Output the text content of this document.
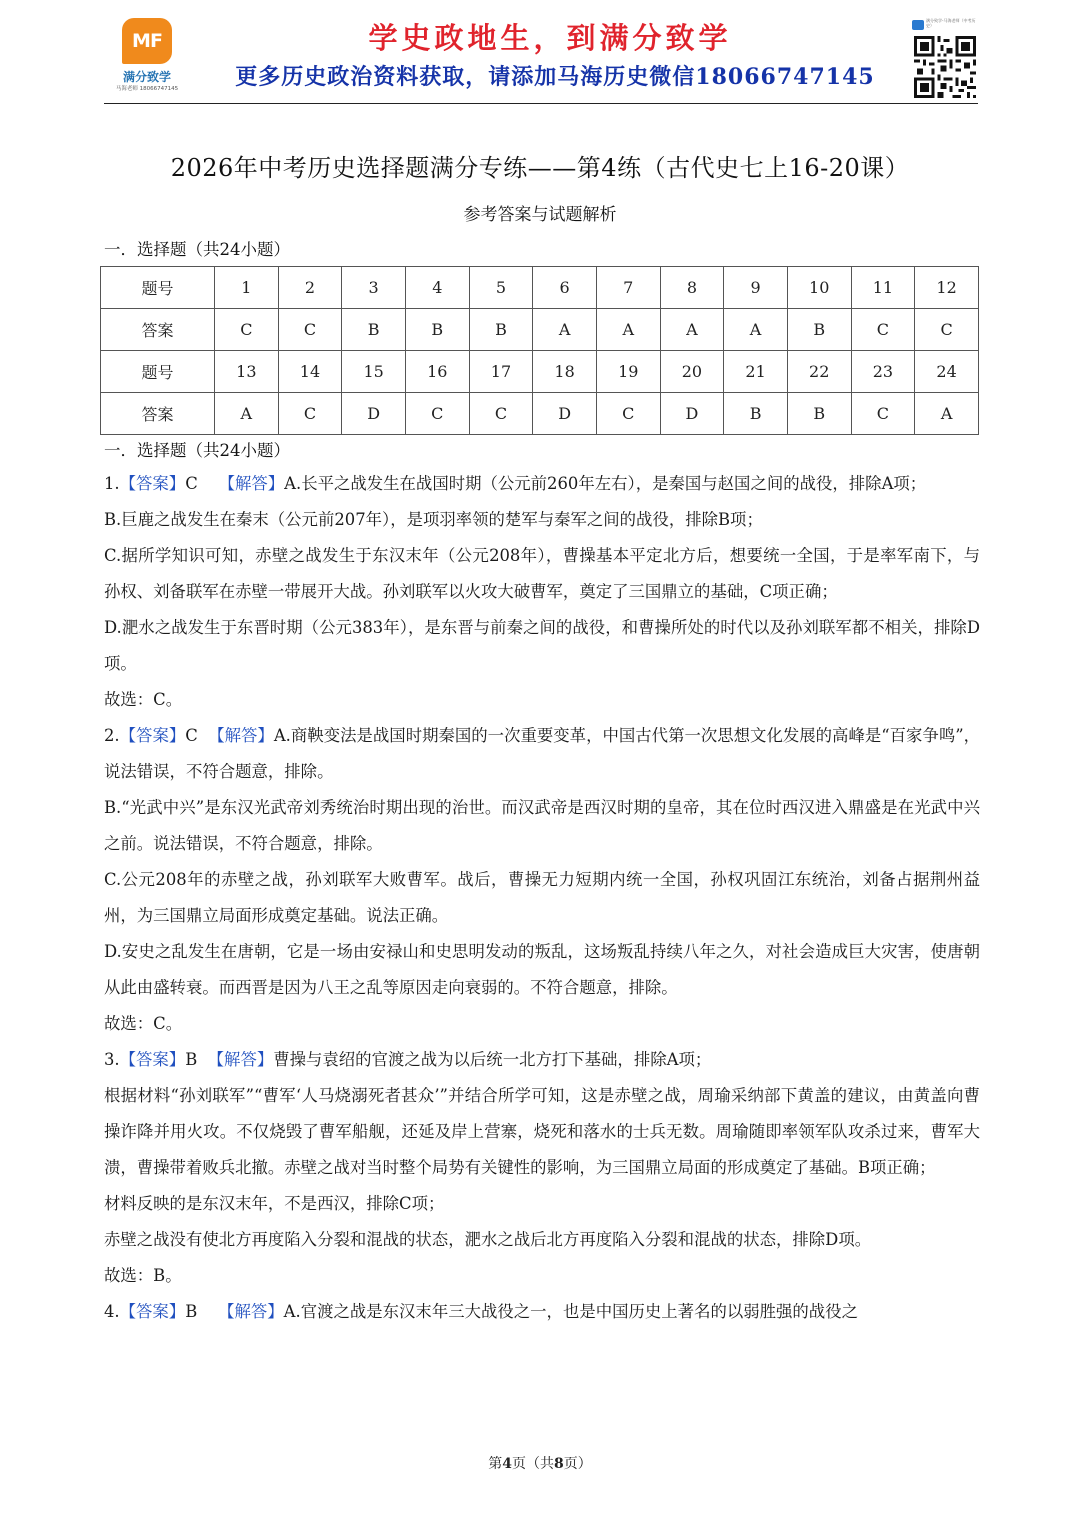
MF
满分致学
马海老师 18066747145
学史政地生，到满分致学
更多历史政治资料获取，请添加马海历史微信18066747145
满分致学-马海老师（中考历史）
2026年中考历史选择题满分专练——第4练（古代史七上16-20课）
参考答案与试题解析
一．选择题（共24小题）
题号	1	2	3	4	5	6	7	8	9	10	11	12
答案	C	C	B	B	B	A	A	A	A	B	C	C
题号	13	14	15	16	17	18	19	20	21	22	23	24
答案	A	C	D	C	C	D	C	D	B	B	C	A
一．选择题（共24小题）

1.【答案】C 【解答】A.长平之战发生在战国时期（公元前260年左右），是秦国与赵国之间的战役，排除A项；

B.巨鹿之战发生在秦末（公元前207年），是项羽率领的楚军与秦军之间的战役，排除B项；

C.据所学知识可知，赤壁之战发生于东汉末年（公元208年），曹操基本平定北方后，想要统一全国，于是率军南下，与孙权、刘备联军在赤壁一带展开大战。孙刘联军以火攻大破曹军，奠定了三国鼎立的基础，C项正确；

D.淝水之战发生于东晋时期（公元383年），是东晋与前秦之间的战役，和曹操所处的时代以及孙刘联军都不相关，排除D项。

故选：C。

2.【答案】C 【解答】A.商鞅变法是战国时期秦国的一次重要变革，中国古代第一次思想文化发展的高峰是“百家争鸣”，说法错误，不符合题意，排除。

B.“光武中兴”是东汉光武帝刘秀统治时期出现的治世。而汉武帝是西汉时期的皇帝，其在位时西汉进入鼎盛是在光武中兴之前。说法错误，不符合题意，排除。

C.公元208年的赤壁之战，孙刘联军大败曹军。战后，曹操无力短期内统一全国，孙权巩固江东统治，刘备占据荆州益州，为三国鼎立局面形成奠定基础。说法正确。

D.安史之乱发生在唐朝，它是一场由安禄山和史思明发动的叛乱，这场叛乱持续八年之久，对社会造成巨大灾害，使唐朝从此由盛转衰。而西晋是因为八王之乱等原因走向衰弱的。不符合题意，排除。

故选：C。

3.【答案】B 【解答】曹操与袁绍的官渡之战为以后统一北方打下基础，排除A项；

根据材料“孙刘联军”“曹军‘人马烧溺死者甚众’”并结合所学可知，这是赤壁之战，周瑜采纳部下黄盖的建议，由黄盖向曹操诈降并用火攻。不仅烧毁了曹军船舰，还延及岸上营寨，烧死和落水的士兵无数。周瑜随即率领军队攻杀过来，曹军大溃，曹操带着败兵北撤。赤壁之战对当时整个局势有关键性的影响，为三国鼎立局面的形成奠定了基础。B项正确；

材料反映的是东汉末年，不是西汉，排除C项；

赤壁之战没有使北方再度陷入分裂和混战的状态，淝水之战后北方再度陷入分裂和混战的状态，排除D项。

故选：B。

4.【答案】B 【解答】A.官渡之战是东汉末年三大战役之一，也是中国历史上著名的以弱胜强的战役之

第4页（共8页）
